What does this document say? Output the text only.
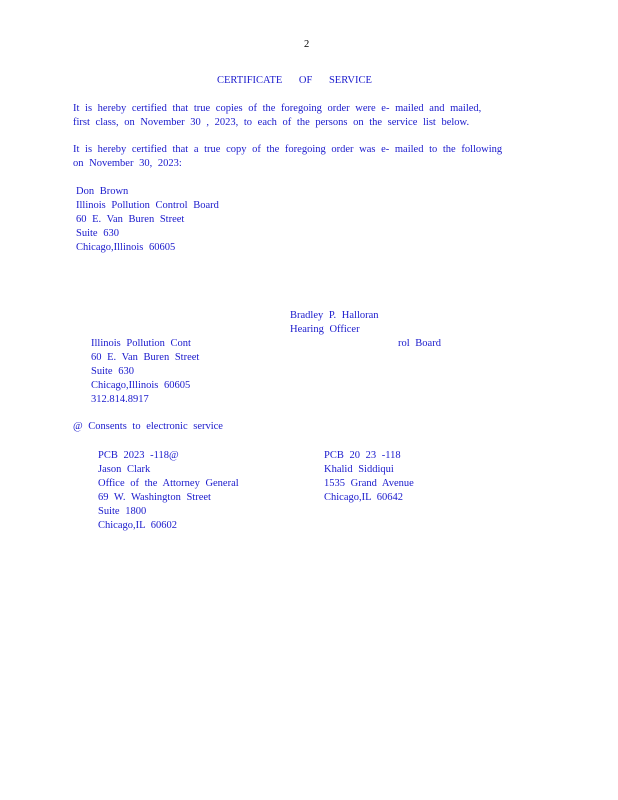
2
CERTIFICATE OF SERVICE
It is hereby certified that true copies of the foregoing order were e- mailed and mailed,
first class, on November 30 , 2023, to each of the persons on the service list below.
It is hereby certified that a true copy of the foregoing order was e- mailed to the following
on November 30, 2023:
Don Brown
Illinois Pollution Control Board
60 E. Van Buren Street
Suite 630
Chicago,Illinois 60605
Bradley P. Halloran
Hearing Officer
Illinois Pollution Cont
60 E. Van Buren Street
Suite 630
Chicago,Illinois 60605
312.814.8917
rol Board
@ Consents to electronic service
PCB 2023 -118@
Jason Clark
Office of the Attorney General
69 W. Washington Street
Suite 1800
Chicago,IL 60602
PCB 20 23 -118
Khalid Siddiqui
1535 Grand Avenue
Chicago,IL 60642
